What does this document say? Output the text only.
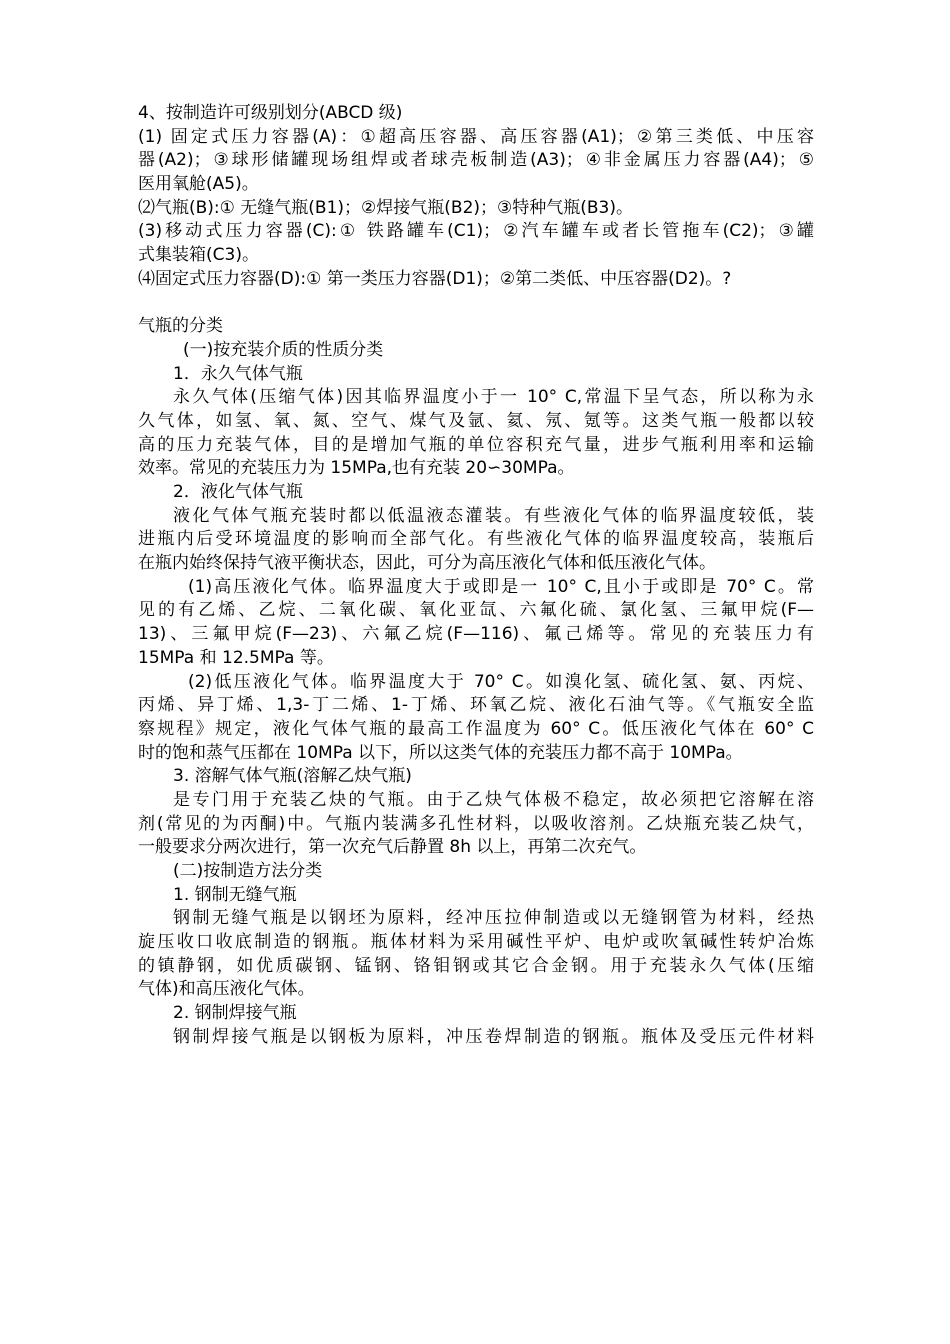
4、按制造许可级别划分(ABCD 级)
(1) 固定式压力容器(A)：①超高压容器、高压容器(A1)；②第三类低、中压容
器(A2)；③球形储罐现场组焊或者球壳板制造(A3)；④非金属压力容器(A4)；⑤
医用氧舱(A5)。
⑵气瓶(B):① 无缝气瓶(B1)；②焊接气瓶(B2)；③特种气瓶(B3)。
(3)移动式压力容器(C):① 铁路罐车(C1)；②汽车罐车或者长管拖车(C2)；③罐
式集装箱(C3)。
⑷固定式压力容器(D):① 第一类压力容器(D1)；②第二类低、中压容器(D2)。?
气瓶的分类
(一)按充装介质的性质分类
1．永久气体气瓶
永久气体(压缩气体)因其临界温度小于一 10° C,常温下呈气态，所以称为永
久气体，如氢、氧、氮、空气、煤气及氩、氦、氖、氪等。这类气瓶一般都以较
高的压力充装气体，目的是增加气瓶的单位容积充气量，进步气瓶利用率和运输
效率。常见的充装压力为 15MPa,也有充装 20∽30MPa。
2．液化气体气瓶
液化气体气瓶充装时都以低温液态灌装。有些液化气体的临界温度较低，装
进瓶内后受环境温度的影响而全部气化。有些液化气体的临界温度较高，装瓶后
在瓶内始终保持气液平衡状态，因此，可分为高压液化气体和低压液化气体。
(1)高压液化气体。临界温度大于或即是一 10° C,且小于或即是 70° C。常
见的有乙烯、乙烷、二氧化碳、氧化亚氙、六氟化硫、氯化氢、三氟甲烷(F—
13)、三氟甲烷(F—23)、六氟乙烷(F—116)、氟己烯等。常见的充装压力有
15MPa 和 12.5MPa 等。
(2)低压液化气体。临界温度大于 70° C。如溴化氢、硫化氢、氨、丙烷、
丙烯、异丁烯、1,3-丁二烯、1-丁烯、环氧乙烷、液化石油气等。《气瓶安全监
察规程》规定，液化气体气瓶的最高工作温度为 60° C。低压液化气体在 60° C
时的饱和蒸气压都在 10MPa 以下，所以这类气体的充装压力都不高于 10MPa。
3. 溶解气体气瓶(溶解乙炔气瓶)
是专门用于充装乙炔的气瓶。由于乙炔气体极不稳定，故必须把它溶解在溶
剂(常见的为丙酮)中。气瓶内装满多孔性材料，以吸收溶剂。乙炔瓶充装乙炔气，
一般要求分两次进行，第一次充气后静置 8h 以上，再第二次充气。
(二)按制造方法分类
1. 钢制无缝气瓶
钢制无缝气瓶是以钢坯为原料，经冲压拉伸制造或以无缝钢管为材料，经热
旋压收口收底制造的钢瓶。瓶体材料为采用碱性平炉、电炉或吹氧碱性转炉冶炼
的镇静钢，如优质碳钢、锰钢、铬钼钢或其它合金钢。用于充装永久气体(压缩
气体)和高压液化气体。
2. 钢制焊接气瓶
钢制焊接气瓶是以钢板为原料，冲压卷焊制造的钢瓶。瓶体及受压元件材料
